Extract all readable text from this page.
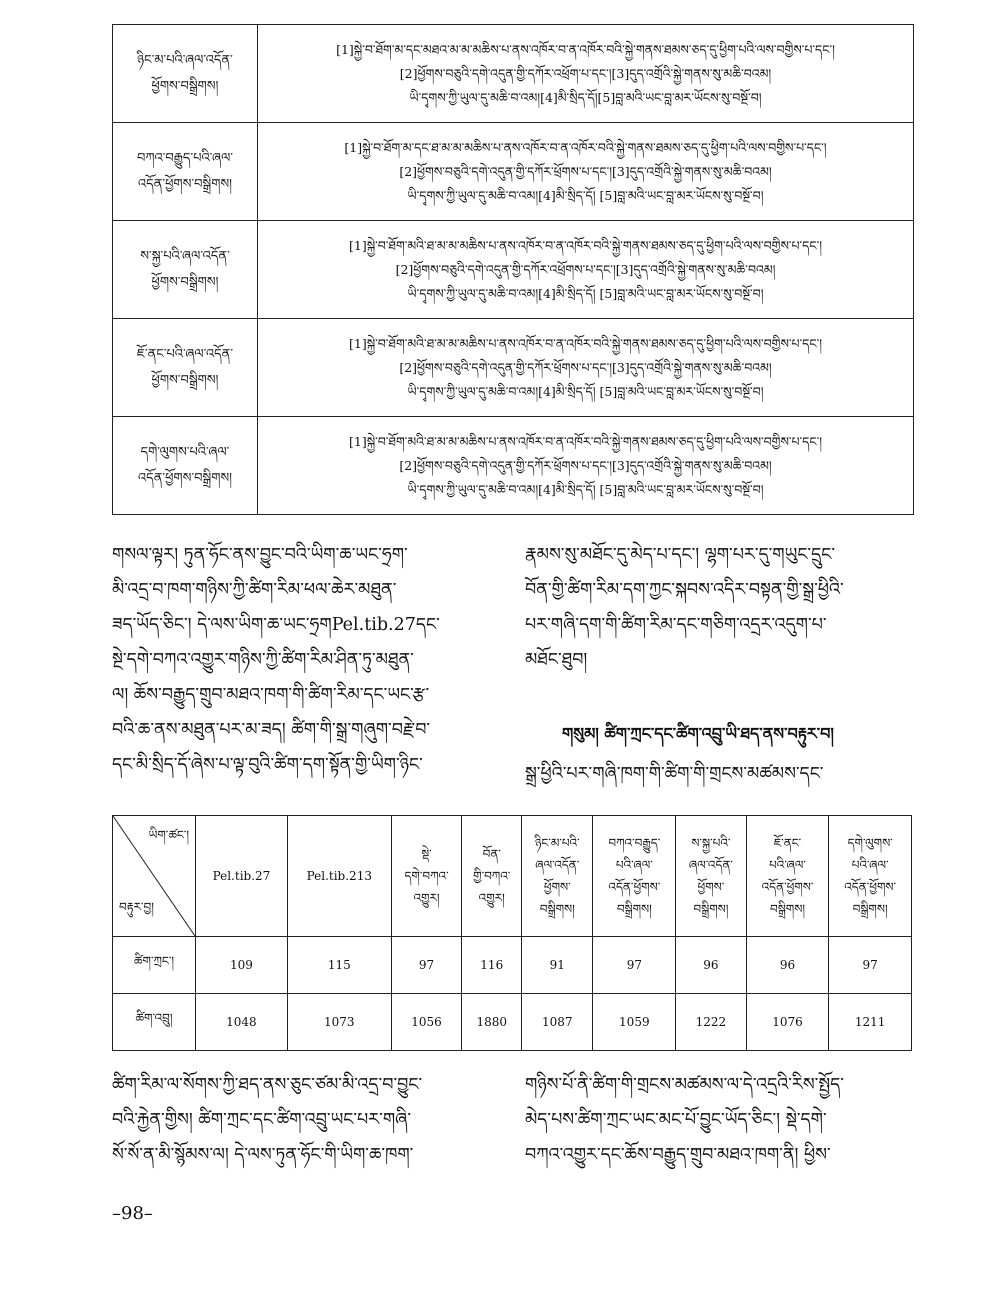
ཉིང་མ་པའི་ཞལ་འདོན་
ཕྱོགས་བསྒྲིགས།	[1]སྐྱེ་བ་ཐོག་མ་དང་མཐའ་མ་མ་མཆིས་པ་ནས་འཁོར་བ་ན་འཁོར་བའི་སྐྱེ་གནས་ཐམས་ཅད་དུ་ཕྱིག་པའི་ལས་བགྱིས་པ་དང་།
[2]ཕྱོགས་བཅུའི་དགེ་འདུན་གྱི་དཀོར་འཕྲོག་པ་དང་།[3]དུད་འགྲོའི་སྐྱེ་གནས་སུ་མཆི་བའམ།
ཡི་དྭགས་ཀྱི་ཡུལ་དུ་མཆི་བ་འམ།[4]མི་སྲིད་དོ།[5]བླ་མའི་ཡང་བླ་མར་ཡོངས་སུ་བསྔོ་བ།

བཀའ་བརྒྱུད་པའི་ཞལ་
འདོན་ཕྱོགས་བསྒྲིགས།	[1]སྐྱེ་བ་ཐོག་མ་དང་ཐ་མ་མ་མཆིས་པ་ནས་འཁོར་བ་ན་འཁོར་བའི་སྐྱེ་གནས་ཐམས་ཅད་དུ་ཕྱིག་པའི་ལས་བགྱིས་པ་དང་།
[2]ཕྱོགས་བཅུའི་དགེ་འདུན་གྱི་དཀོར་ཕྲོགས་པ་དང་།[3]དུད་འགྲོའི་སྐྱེ་གནས་སུ་མཆི་བའམ།
ཡི་དྭགས་ཀྱི་ཡུལ་དུ་མཆི་བ་འམ།[4]མི་སྲིད་དོ། [5]བླ་མའི་ཡང་བླ་མར་ཡོངས་སུ་བསྔོ་བ།

ས་སྐྱ་པའི་ཞལ་འདོན་
ཕྱོགས་བསྒྲིགས།	[1]སྐྱེ་བ་ཐོག་མའི་ཐ་མ་མ་མཆིས་པ་ནས་འཁོར་བ་ན་འཁོར་བའི་སྐྱེ་གནས་ཐམས་ཅད་དུ་ཕྱིག་པའི་ལས་བགྱིས་པ་དང་།
[2]ཕྱོགས་བཅུའི་དགེ་འདུན་གྱི་དཀོར་འཕྲོགས་པ་དང་།[3]དུད་འགྲོའི་སྐྱེ་གནས་སུ་མཆི་བའམ།
ཡི་དྭགས་ཀྱི་ཡུལ་དུ་མཆི་བ་འམ།[4]མི་སྲིད་དོ། [5]བླ་མའི་ཡང་བླ་མར་ཡོངས་སུ་བསྔོ་བ།

ཇོ་ནང་པའི་ཞལ་འདོན་
ཕྱོགས་བསྒྲིགས།	[1]སྐྱེ་བ་ཐོག་མའི་ཐ་མ་མ་མཆིས་པ་ནས་འཁོར་བ་ན་འཁོར་བའི་སྐྱེ་གནས་ཐམས་ཅད་དུ་ཕྱིག་པའི་ལས་བགྱིས་པ་དང་།
[2]ཕྱོགས་བཅུའི་དགེ་འདུན་གྱི་དཀོར་ཕྲོགས་པ་དང་།[3]དུད་འགྲོའི་སྐྱེ་གནས་སུ་མཆི་བའམ།
ཡི་དྭགས་ཀྱི་ཡུལ་དུ་མཆི་བ་འམ།[4]མི་སྲིད་དོ། [5]བླ་མའི་ཡང་བླ་མར་ཡོངས་སུ་བསྔོ་བ།

དགེ་ལུགས་པའི་ཞལ་
འདོན་ཕྱོགས་བསྒྲིགས།	[1]སྐྱེ་བ་ཐོག་མའི་ཐ་མ་མ་མཆིས་པ་ནས་འཁོར་བ་ན་འཁོར་བའི་སྐྱེ་གནས་ཐམས་ཅད་དུ་ཕྱིག་པའི་ལས་བགྱིས་པ་དང་།
[2]ཕྱོགས་བཅུའི་དགེ་འདུན་གྱི་དཀོར་ཕྲོགས་པ་དང་།[3]དུད་འགྲོའི་སྐྱེ་གནས་སུ་མཆི་བའམ།
ཡི་དྭགས་ཀྱི་ཡུལ་དུ་མཆི་བ་འམ།[4]མི་སྲིད་དོ། [5]བླ་མའི་ཡང་བླ་མར་ཡོངས་སུ་བསྔོ་བ།
གསལ་ལྟར། ཏུན་ཧོང་ནས་བྱུང་བའི་ཡིག་ཆ་ཡང་ཧྲག་
མི་འདྲ་བ་ཁག་གཉིས་ཀྱི་ཚིག་རིམ་ཕལ་ཆེར་མཐུན་
ཟད་ཡོད་ཅིང་། དེ་ལས་ཡིག་ཆ་ཡང་ཧྲགPel.tib.27དང་
སྔེ་དགེ་བཀའ་འགྱུར་གཉིས་ཀྱི་ཚིག་རིམ་ཤིན་ཏུ་མཐུན་
ལ། ཆོས་བརྒྱུད་གྲུབ་མཐའ་ཁག་གི་ཚིག་རིམ་དང་ཡང་རྩ་
བའི་ཆ་ནས་མཐུན་པར་མ་ཟད། ཚིག་གི་སྒྲ་གཞུག་བརྗེ་བ་
དང་མི་སྲིད་དོ་ཞེས་པ་ལྟ་བུའི་ཚིག་དག་སྟོན་གྱི་ཡིག་ཉིང་
རྣམས་སུ་མཐོང་དུ་མེད་པ་དང་། ལྷག་པར་དུ་གཡུང་དྲུང་
བོན་གྱི་ཚིག་རིམ་དག་ཀྱང་སྐབས་འདིར་བསྟན་གྱི་སྒྲ་ཕྱིའི་
པར་གཞི་དག་གི་ཚིག་རིམ་དང་གཅིག་འདྲར་འདུག་པ་
མཐོང་ཐུབ།
གསུམ། ཚིག་ཀྲང་དང་ཚིག་འབྲུ་ཡི་ཐད་ནས་བརྟུར་བ།
སྒྲ་ཕྱིའི་པར་གཞི་ཁག་གི་ཚིག་གི་གྲངས་མཚམས་དང་
ཡིག་ཚང་།
བརྟུར་བྱ།	Pel.tib.27	Pel.tib.213	སྡེ་
དགེ་བཀའ་
འགྱུར།	བོན་
གྱི་བཀའ་
འགྱུར།	ཉིང་མ་པའི་
ཞལ་འདོན་
ཕྱོགས་
བསྒྲིགས།	བཀའ་བརྒྱུད་
པའི་ཞལ་
འདོན་ཕྱོགས་
བསྒྲིགས།	ས་སྐྱ་པའི་
ཞལ་འདོན་
ཕྱོགས་
བསྒྲིགས།	ཇོ་ནང་
པའི་ཞལ་
འདོན་ཕྱོགས་
བསྒྲིགས།	དགེ་ལུགས་
པའི་ཞལ་
འདོན་ཕྱོགས་
བསྒྲིགས།

ཚིག་ཀྲང་།	109	115	97	116	91	97	96	96	97
ཚིག་འབྲུ།	1048	1073	1056	1880	1087	1059	1222	1076	1211
ཚིག་རིམ་ལ་སོགས་ཀྱི་ཐད་ནས་ཅུང་ཙམ་མི་འདྲ་བ་བྱུང་
བའི་རྐྱེན་གྱིས། ཚིག་ཀྲང་དང་ཚིག་འབྲུ་ཡང་པར་གཞི་
སོ་སོ་ན་མི་སྙོམས་ལ། དེ་ལས་ཏུན་ཧོང་གི་ཡིག་ཆ་ཁག་
གཉིས་པོ་ནི་ཚིག་གི་གྲངས་མཚམས་ལ་དེ་འདྲའི་རིས་སྤྱོད་
མེད་པས་ཚིག་ཀྲང་ཡང་མང་པོ་བྱུང་ཡོད་ཅིང་། སྡེ་དགེ་
བཀའ་འགྱུར་དང་ཆོས་བརྒྱུད་གྲུབ་མཐའ་ཁག་ནི། ཕྱིས་
–98–
